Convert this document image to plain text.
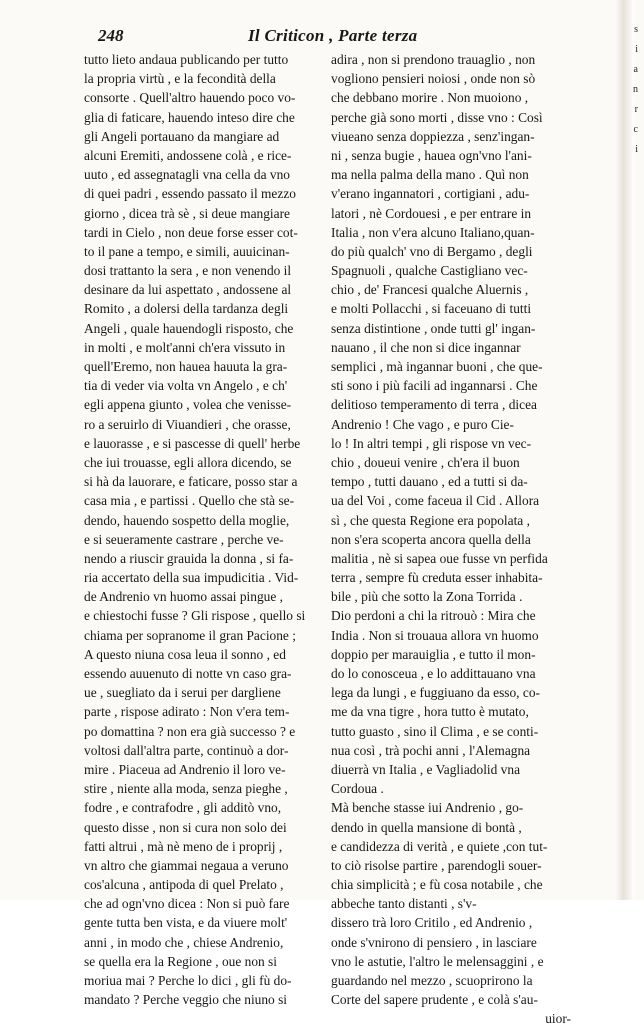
248	Il Criticon , Parte terza
tutto lieto andaua publicando per tutto
la propria virtù , e la fecondità della
consorte . Quell'altro hauendo poco vo-
glia di faticare, hauendo inteso dire che
gli Angeli portauano da mangiare ad
alcuni Eremiti, andossene colà , e rice-
uuto , ed assegnatagli vna cella da vno
di quei padri , essendo passato il mezzo
giorno , dicea trà sè , si deue mangiare
tardi in Cielo , non deue forse esser cot-
to il pane a tempo, e simili, auuicinan-
dosi trattanto la sera , e non venendo il
desinare da lui aspettato , andossene al
Romito , a dolersi della tardanza degli
Angeli , quale hauendogli risposto, che
in molti , e molt'anni ch'era vissuto in
quell'Eremo, non hauea hauuta la gra-
tia di veder via volta vn Angelo , e ch'
egli appena giunto , volea che venisse-
ro a seruirlo di Viuandieri , che orasse,
e lauorasse , e si pascesse di quell' herbe
che iui trouasse, egli allora dicendo, se
si hà da lauorare, e faticare, posso star a
casa mia , e partissi . Quello che stà se-
dendo, hauendo sospetto della moglie,
e si seueramente castrare , perche ve-
nendo a riuscir grauida la donna , si fa-
ria accertato della sua impudicitia . Vid-
de Andrenio vn huomo assai pingue ,
e chiestochi fusse ? Gli rispose , quello si
chiama per sopranome il gran Pacione ;
A questo niuna cosa leua il sonno , ed
essendo auuenuto di notte vn caso gra-
ue , suegliato da i serui per dargliene
parte , rispose adirato : Non v'era tem-
po domattina ? non era già successo ? e
voltosi dall'altra parte, continuò a dor-
mire . Piaceua ad Andrenio il loro ve-
stire , niente alla moda, senza pieghe ,
fodre , e contrafodre , gli additò vno,
questo disse , non si cura non solo dei
fatti altrui , mà nè meno de i proprij ,
vn altro che giammai negaua a veruno
cos'alcuna , antipoda di quel Prelato ,
che ad ogn'vno dicea : Non si può fare
gente tutta ben vista, e da viuere molt'
anni , in modo che , chiese Andrenio,
se quella era la Regione , oue non si
moriua mai ? Perche lo dici , gli fù do-
mandato ? Perche veggio che niuno si
adira , non si prendono trauaglio , non
vogliono pensieri noiosi , onde non sò
che debbano morire . Non muoiono ,
perche già sono morti , disse vno : Così
viueano senza doppiezza , senz'ingan-
ni , senza bugie , hauea ogn'vno l'ani-
ma nella palma della mano . Quì non
v'erano ingannatori , cortigiani , adu-
latori , nè Cordouesi , e per entrare in
Italia , non v'era alcuno Italiano,quan-
do più qualch' vno di Bergamo , degli
Spagnuoli , qualche Castigliano vec-
chio , de' Francesi qualche Aluernis ,
e molti Pollacchi , si faceuano di tutti
senza distintione , onde tutti gl' ingan-
nauano , il che non si dice ingannar
semplici , mà ingannar buoni , che que-
sti sono i più facili ad ingannarsi . Che
delitioso temperamento di terra , dicea
Andrenio ! Che vago , e puro Cie-
lo ! In altri tempi , gli rispose vn vec-
chio , doueui venire , ch'era il buon
tempo , tutti dauano , ed a tutti si da-
ua del Voi , come faceua il Cid . Allora
sì , che questa Regione era popolata ,
non s'era scoperta ancora quella della
malitia , nè si sapea oue fusse vn perfida
terra , sempre fù creduta esser inhabita-
bile , più che sotto la Zona Torrida .
Dio perdoni a chi la ritrouò : Mira che
India . Non si trouaua allora vn huomo
doppio per marauiglia , e tutto il mon-
do lo conosceua , e lo addittauano vna
lega da lungi , e fuggiuano da esso, co-
me da vna tigre , hora tutto è mutato,
tutto guasto , sino il Clima , e se conti-
nua così , trà pochi anni , l'Alemagna
diuerrà vn Italia , e Vagliadolid vna
Cordoua .
Mà benche stasse iui Andrenio , go-
dendo in quella mansione di bontà ,
e candidezza di verità , e quiete ,con tut-
to ciò risolse partire , parendogli souer-
chia simplicità ; e fù cosa notabile , che
abbeche tanto distanti , s'v-
dissero trà loro Critilo , ed Andrenio ,
onde s'vnirono di pensiero , in lasciare
vno le astutie, l'altro le melensaggini , e
guardando nel mezzo , scuoprirono la
Corte del sapere prudente , e colà s'au-
uior-
s
i
a
n
r
c
i
